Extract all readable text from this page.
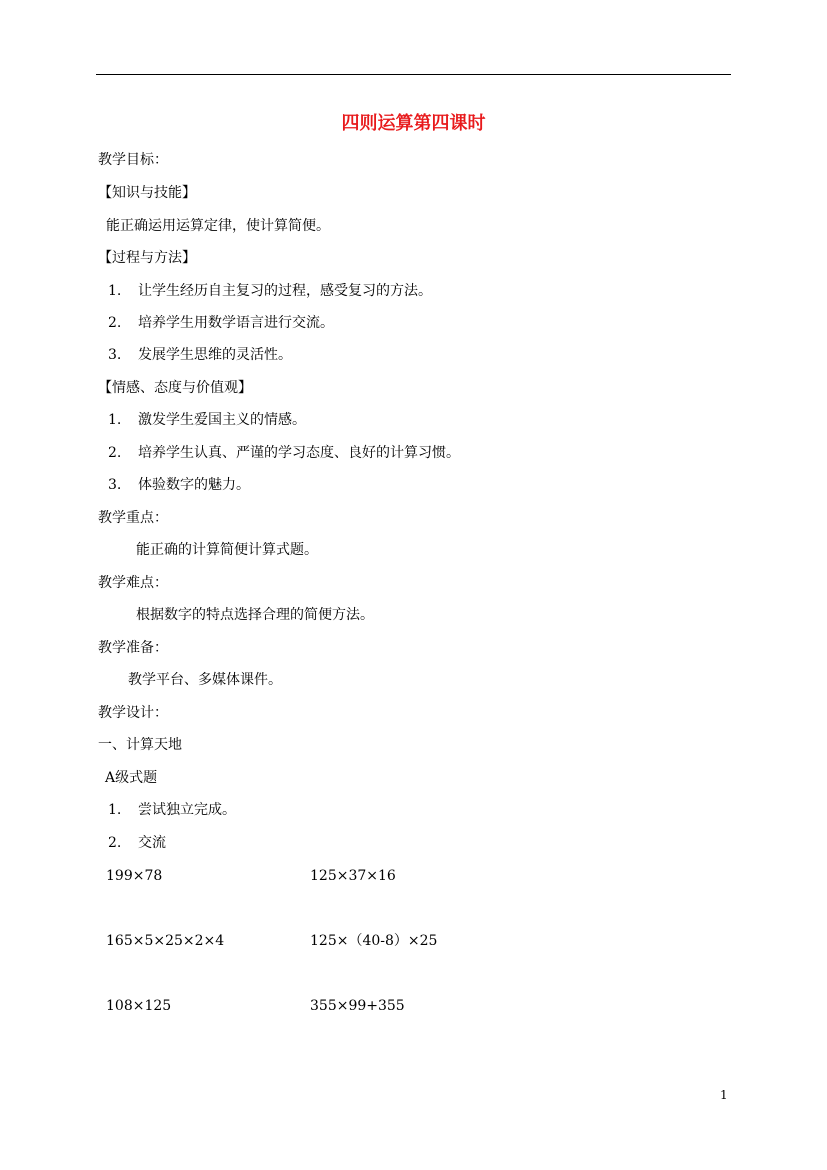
四则运算第四课时
教学目标：
【知识与技能】
能正确运用运算定律，使计算简便。
【过程与方法】
1. 让学生经历自主复习的过程，感受复习的方法。
2. 培养学生用数学语言进行交流。
3. 发展学生思维的灵活性。
【情感、态度与价值观】
1. 激发学生爱国主义的情感。
2. 培养学生认真、严谨的学习态度、良好的计算习惯。
3. 体验数字的魅力。
教学重点：
能正确的计算简便计算式题。
教学难点：
根据数字的特点选择合理的简便方法。
教学准备：
教学平台、多媒体课件。
教学设计：
一、计算天地
A级式题
1. 尝试独立完成。
2. 交流
199×78	125×37×16
165×5×25×2×4	125×（40-8）×25
108×125	355×99+355
1
